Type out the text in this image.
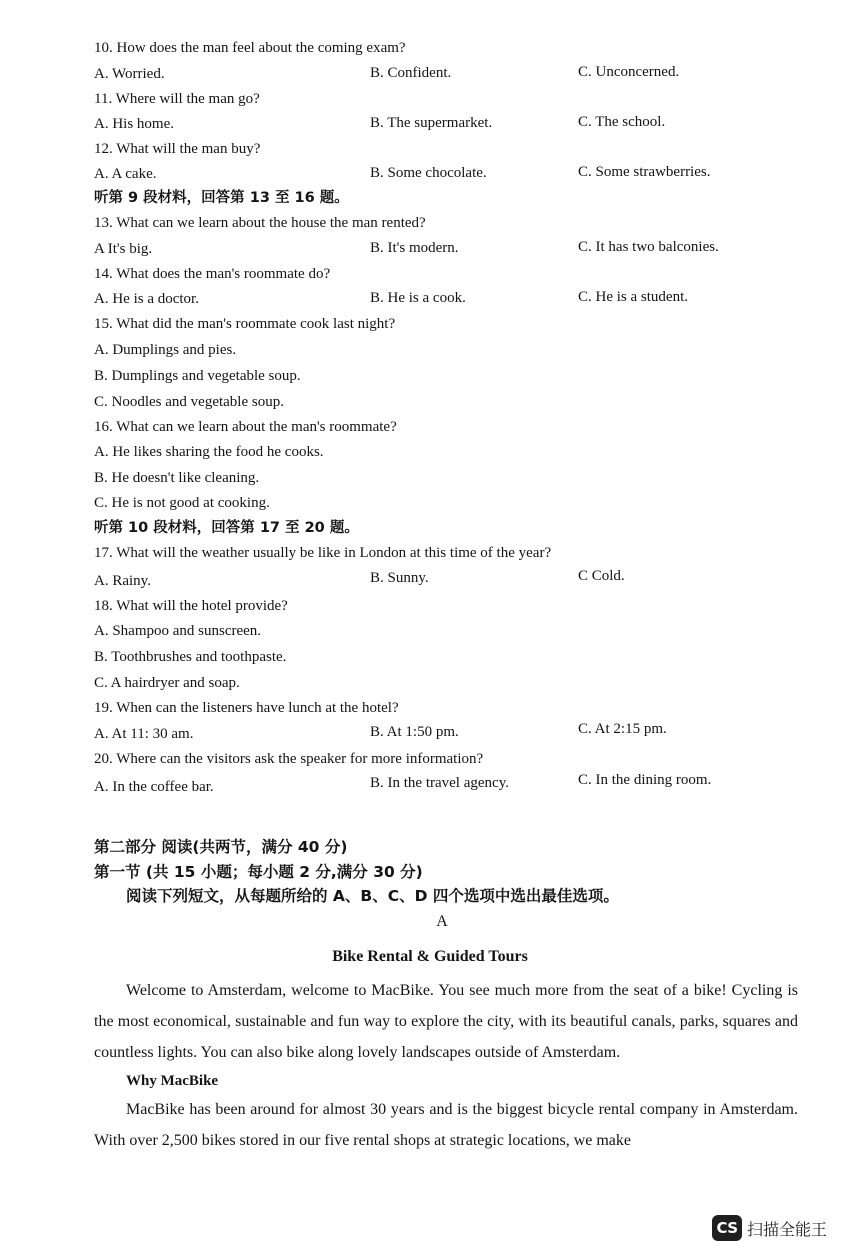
10. How does the man feel about the coming exam?
A. Worried.	B. Confident.	C. Unconcerned.
11. Where will the man go?
A. His home.	B. The supermarket.	C. The school.
12. What will the man buy?
A. A cake.	B. Some chocolate.	C. Some strawberries.
听第 9 段材料，回答第 13 至 16 题。
13. What can we learn about the house the man rented?
A It's big.	B. It's modern.	C. It has two balconies.
14. What does the man's roommate do?
A. He is a doctor.	B. He is a cook.	C. He is a student.
15. What did the man's roommate cook last night?
A. Dumplings and pies.
B. Dumplings and vegetable soup.
C. Noodles and vegetable soup.
16. What can we learn about the man's roommate?
A. He likes sharing the food he cooks.
B. He doesn't like cleaning.
C. He is not good at cooking.
听第 10 段材料，回答第 17 至 20 题。
17. What will the weather usually be like in London at this time of the year?
A. Rainy.	B. Sunny.	C Cold.
18. What will the hotel provide?
A. Shampoo and sunscreen.
B. Toothbrushes and toothpaste.
C. A hairdryer and soap.
19. When can the listeners have lunch at the hotel?
A. At 11: 30 am.	B. At 1:50 pm.	C. At 2:15 pm.
20. Where can the visitors ask the speaker for more information?
A. In the coffee bar.	B. In the travel agency.	C. In the dining room.
第二部分 阅读(共两节，满分 40 分)
第一节 (共 15 小题；每小题 2 分,满分 30 分)
阅读下列短文，从每题所给的 A、B、C、D 四个选项中选出最佳选项。
A
Bike Rental & Guided Tours

Welcome to Amsterdam, welcome to MacBike. You see much more from the seat of a bike! Cycling is the most economical, sustainable and fun way to explore the city, with its beautiful canals, parks, squares and countless lights. You can also bike along lovely landscapes outside of Amsterdam.

Why MacBike

MacBike has been around for almost 30 years and is the biggest bicycle rental company in Amsterdam. With over 2,500 bikes stored in our five rental shops at strategic locations, we make

CS 扫描全能王
